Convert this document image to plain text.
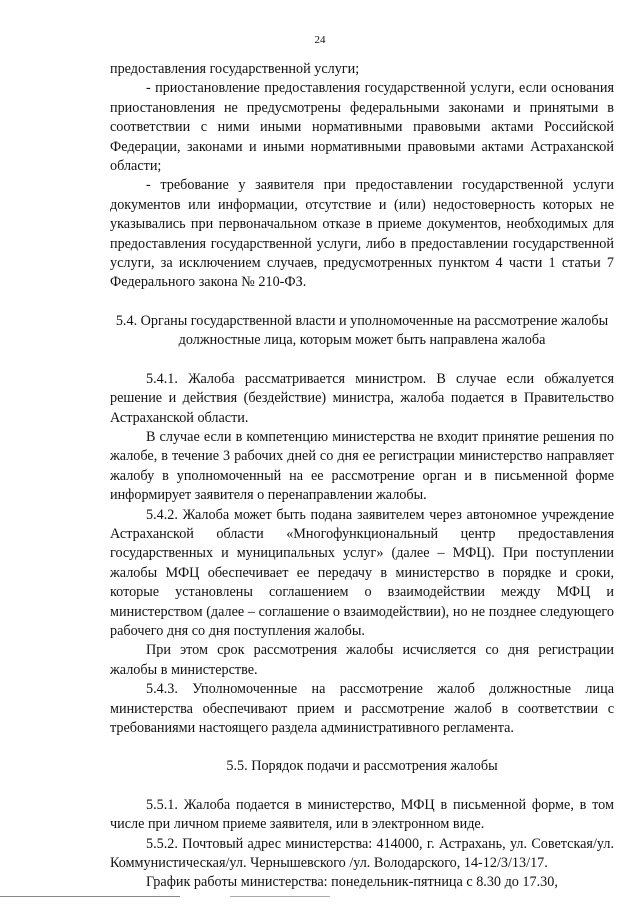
24

предоставления государственной услуги;

- приостановление предоставления государственной услуги, если основания приостановления не предусмотрены федеральными законами и принятыми в соответствии с ними иными нормативными правовыми актами Российской Федерации, законами и иными нормативными правовыми актами Астраханской области;

- требование у заявителя при предоставлении государственной услуги документов или информации, отсутствие и (или) недостоверность которых не указывались при первоначальном отказе в приеме документов, необходимых для предоставления государственной услуги, либо в предоставлении государственной услуги, за исключением случаев, предусмотренных пунктом 4 части 1 статьи 7 Федерального закона № 210-ФЗ.

5.4. Органы государственной власти и уполномоченные на рассмотрение жалобы должностные лица, которым может быть направлена жалоба

5.4.1. Жалоба рассматривается министром. В случае если обжалуется решение и действия (бездействие) министра, жалоба подается в Правительство Астраханской области.

В случае если в компетенцию министерства не входит принятие решения по жалобе, в течение 3 рабочих дней со дня ее регистрации министерство направляет жалобу в уполномоченный на ее рассмотрение орган и в письменной форме информирует заявителя о перенаправлении жалобы.

5.4.2. Жалоба может быть подана заявителем через автономное учреждение Астраханской области «Многофункциональный центр предоставления государственных и муниципальных услуг» (далее – МФЦ). При поступлении жалобы МФЦ обеспечивает ее передачу в министерство в порядке и сроки, которые установлены соглашением о взаимодействии между МФЦ и министерством (далее – соглашение о взаимодействии), но не позднее следующего рабочего дня со дня поступления жалобы.

При этом срок рассмотрения жалобы исчисляется со дня регистрации жалобы в министерстве.

5.4.3. Уполномоченные на рассмотрение жалоб должностные лица министерства обеспечивают прием и рассмотрение жалоб в соответствии с требованиями настоящего раздела административного регламента.

5.5. Порядок подачи и рассмотрения жалобы

5.5.1. Жалоба подается в министерство, МФЦ в письменной форме, в том числе при личном приеме заявителя, или в электронном виде.

5.5.2. Почтовый адрес министерства: 414000, г. Астрахань, ул. Советская/ул. Коммунистическая/ул. Чернышевского /ул. Володарского, 14-12/3/13/17.

График работы министерства: понедельник-пятница с 8.30 до 17.30,
